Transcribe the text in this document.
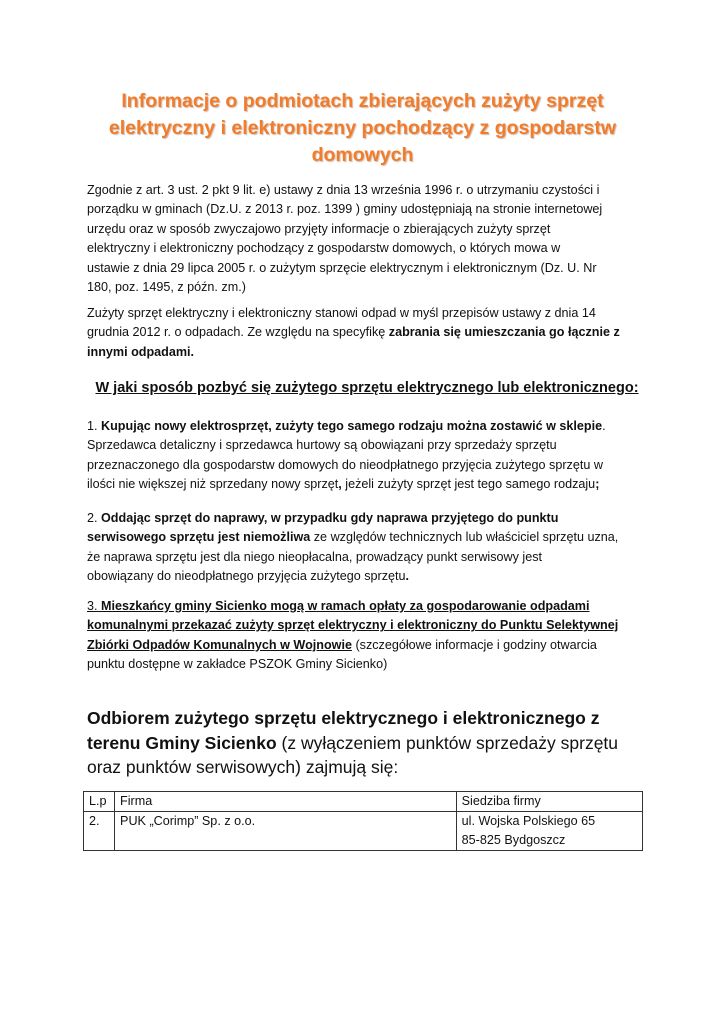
Informacje o podmiotach zbierających zużyty sprzęt
elektryczny i elektroniczny pochodzący z gospodarstw
domowych

Zgodnie z art. 3 ust. 2 pkt 9 lit. e) ustawy z dnia 13 września 1996 r. o utrzymaniu czystości i
porządku w gminach (Dz.U. z 2013 r. poz. 1399 ) gminy udostępniają na stronie internetowej
urzędu oraz w sposób zwyczajowo przyjęty informacje o zbierających zużyty sprzęt
elektryczny i elektroniczny pochodzący z gospodarstw domowych, o których mowa w
ustawie z dnia 29 lipca 2005 r. o zużytym sprzęcie elektrycznym i elektronicznym (Dz. U. Nr
180, poz. 1495, z późn. zm.)

Zużyty sprzęt elektryczny i elektroniczny stanowi odpad w myśl przepisów ustawy z dnia 14
grudnia 2012 r. o odpadach. Ze względu na specyfikę zabrania się umieszczania go łącznie z
innymi odpadami.

W jaki sposób pozbyć się zużytego sprzętu elektrycznego lub elektronicznego:

1. Kupując nowy elektrosprzęt, zużyty tego samego rodzaju można zostawić w sklepie.
Sprzedawca detaliczny i sprzedawca hurtowy są obowiązani przy sprzedaży sprzętu
przeznaczonego dla gospodarstw domowych do nieodpłatnego przyjęcia zużytego sprzętu w
ilości nie większej niż sprzedany nowy sprzęt, jeżeli zużyty sprzęt jest tego samego rodzaju;

2. Oddając sprzęt do naprawy, w przypadku gdy naprawa przyjętego do punktu
serwisowego sprzętu jest niemożliwa ze względów technicznych lub właściciel sprzętu uzna,
że naprawa sprzętu jest dla niego nieopłacalna, prowadzący punkt serwisowy jest
obowiązany do nieodpłatnego przyjęcia zużytego sprzętu.

3. Mieszkańcy gminy Sicienko mogą w ramach opłaty za gospodarowanie odpadami
komunalnymi przekazać zużyty sprzęt elektryczny i elektroniczny do Punktu Selektywnej
Zbiórki Odpadów Komunalnych w Wojnowie (szczegółowe informacje i godziny otwarcia
punktu dostępne w zakładce PSZOK Gminy Sicienko)

Odbiorem zużytego sprzętu elektrycznego i elektronicznego z
terenu Gminy Sicienko (z wyłączeniem punktów sprzedaży sprzętu
oraz punktów serwisowych) zajmują się:
L.p	Firma	Siedziba firmy
2.	PUK „Corimp” Sp. z o.o.	ul. Wojska Polskiego 65
85-825 Bydgoszcz
